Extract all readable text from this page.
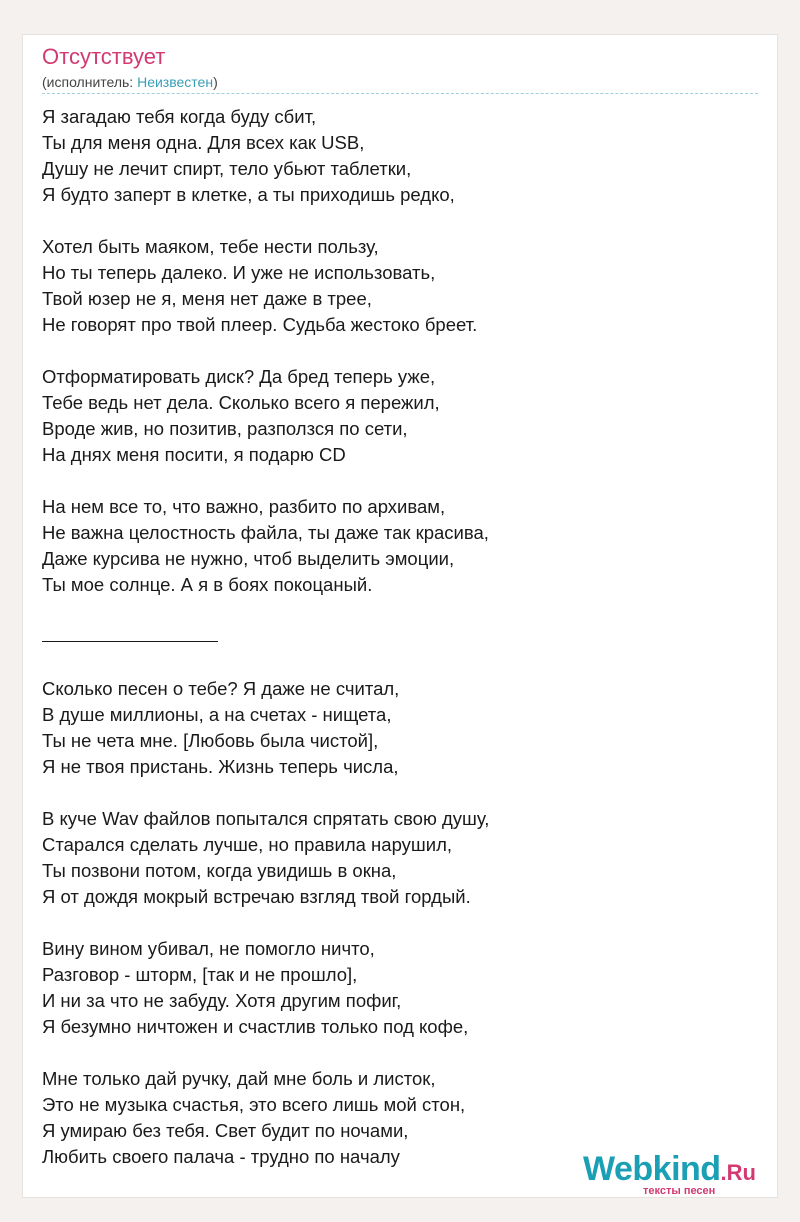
Отсутствует
(исполнитель: Неизвестен)
Я загадаю тебя когда буду сбит,
Ты для меня одна. Для всех как USB,
Душу не лечит спирт, тело убьют таблетки,
Я будто заперт в клетке, а ты приходишь редко,
Хотел быть маяком, тебе нести пользу,
Но ты теперь далеко. И уже не использовать,
Твой юзер не я, меня нет даже в трее,
Не говорят про твой плеер. Судьба жестоко бреет.
Отформатировать диск? Да бред теперь уже,
Тебе ведь нет дела. Сколько всего я пережил,
Вроде жив, но позитив, разползся по сети,
На днях меня посити, я подарю CD
На нем все то, что важно, разбито по архивам,
Не важна целостность файла, ты даже так красива,
Даже курсива не нужно, чтоб выделить эмоции,
Ты мое солнце. А я в боях покоцаный.
Сколько песен о тебе? Я даже не считал,
В душе миллионы, а на счетах - нищета,
Ты не чета мне. [Любовь была чистой],
Я не твоя пристань. Жизнь теперь числа,
В куче Wav файлов попытался спрятать свою душу,
Старался сделать лучше, но правила нарушил,
Ты позвони потом, когда увидишь в окна,
Я от дождя мокрый встречаю взгляд твой гордый.
Вину вином убивал, не помогло ничто,
Разговор - шторм, [так и не прошло],
И ни за что не забуду. Хотя другим пофиг,
Я безумно ничтожен и счастлив только под кофе,
Мне только дай ручку, дай мне боль и листок,
Это не музыка счастья, это всего лишь мой стон,
Я умираю без тебя. Свет будит по ночами,
Любить своего палача - трудно по началу	Webkind.Ru
тексты песен
